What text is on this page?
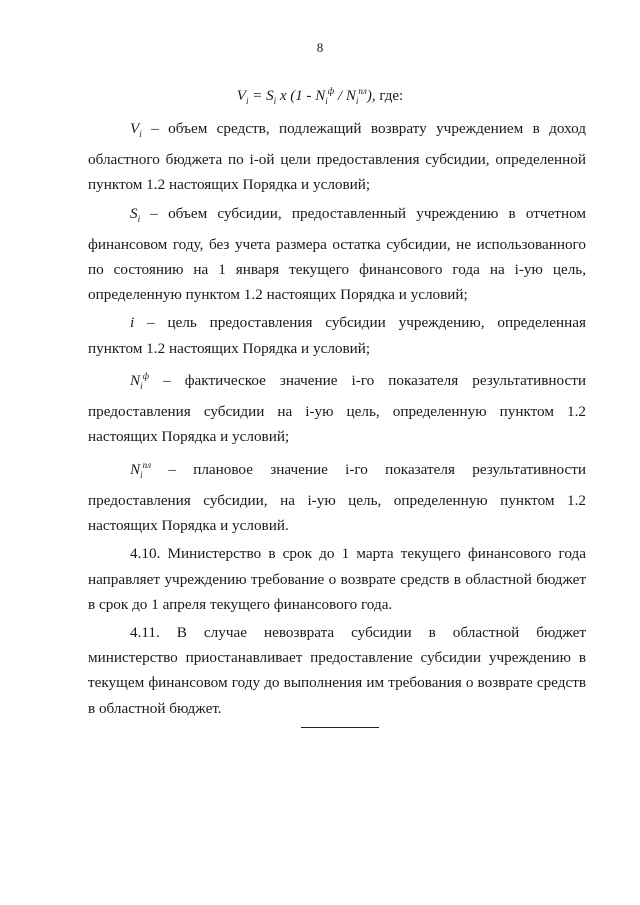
8
$V_i = S_i$ x $(1 - N_i^ф / N_i^{пл})$, где:

$V_i$ – объем средств, подлежащий возврату учреждением в доход областного бюджета по i-ой цели предоставления субсидии, определенной пунктом 1.2 настоящих Порядка и условий;

$S_i$ – объем субсидии, предоставленный учреждению в отчетном финансовом году, без учета размера остатка субсидии, не использованного по состоянию на 1 января текущего финансового года на i-ую цель, определенную пунктом 1.2 настоящих Порядка и условий;

i – цель предоставления субсидии учреждению, определенная пунктом 1.2 настоящих Порядка и условий;

$N_i^ф$ – фактическое значение i-го показателя результативности предоставления субсидии на i-ую цель, определенную пунктом 1.2 настоящих Порядка и условий;

$N_i^{пл}$ – плановое значение i-го показателя результативности предоставления субсидии, на i-ую цель, определенную пунктом 1.2 настоящих Порядка и условий.

4.10. Министерство в срок до 1 марта текущего финансового года направляет учреждению требование о возврате средств в областной бюджет в срок до 1 апреля текущего финансового года.

4.11. В случае невозврата субсидии в областной бюджет министерство приостанавливает предоставление субсидии учреждению в текущем финансовом году до выполнения им требования о возврате средств в областной бюджет.
